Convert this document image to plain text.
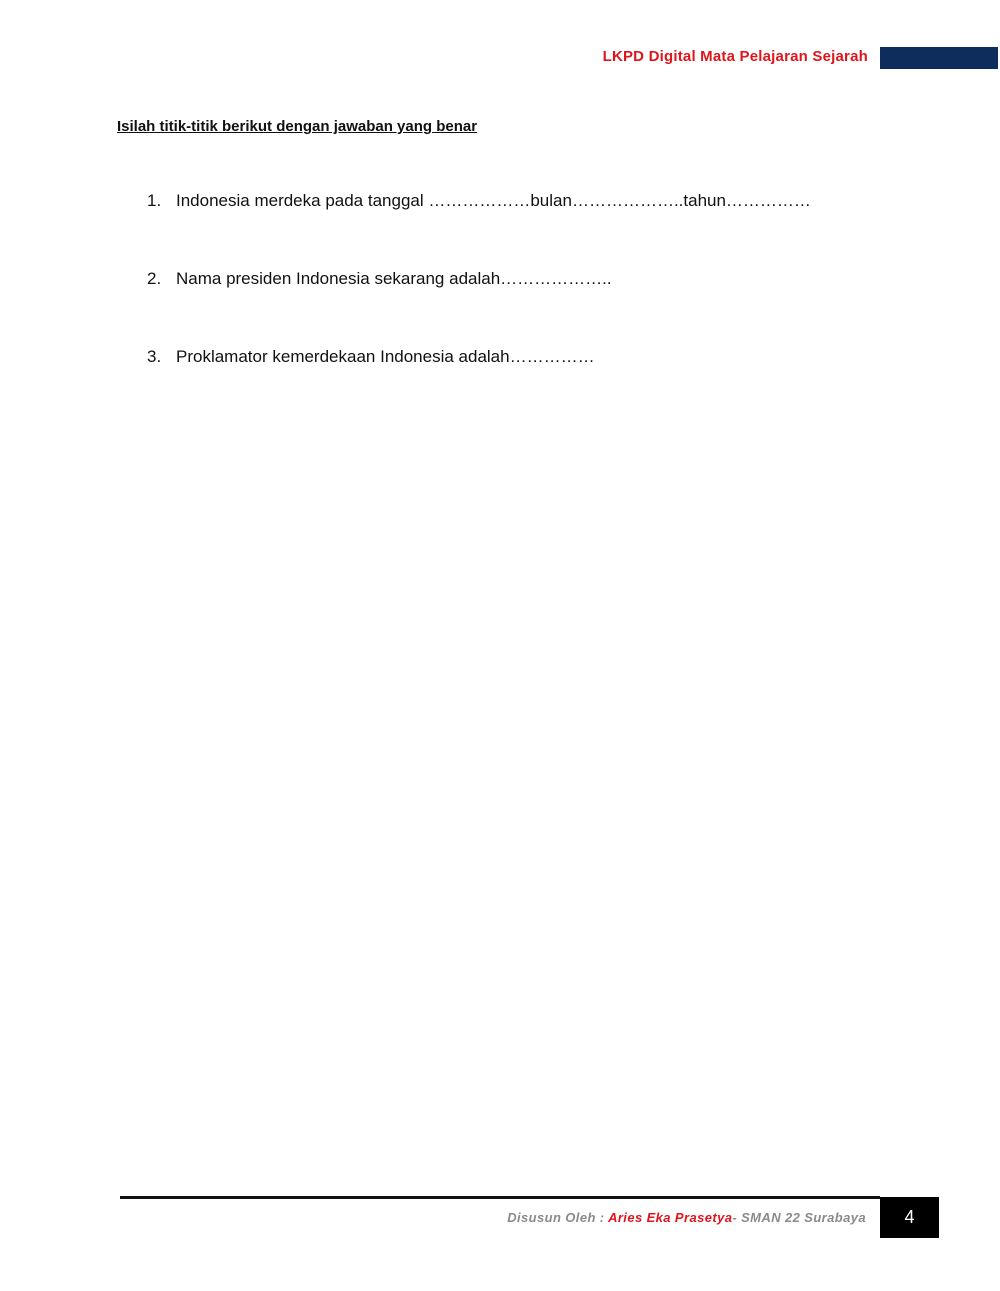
LKPD Digital Mata Pelajaran Sejarah
Isilah titik-titik berikut dengan jawaban yang benar
1. Indonesia merdeka pada tanggal ………………bulan………………..tahun……………
2. Nama presiden Indonesia sekarang adalah………………..
3. Proklamator kemerdekaan Indonesia adalah……………
Disusun Oleh : Aries Eka Prasetya- SMAN 22 Surabaya	4
